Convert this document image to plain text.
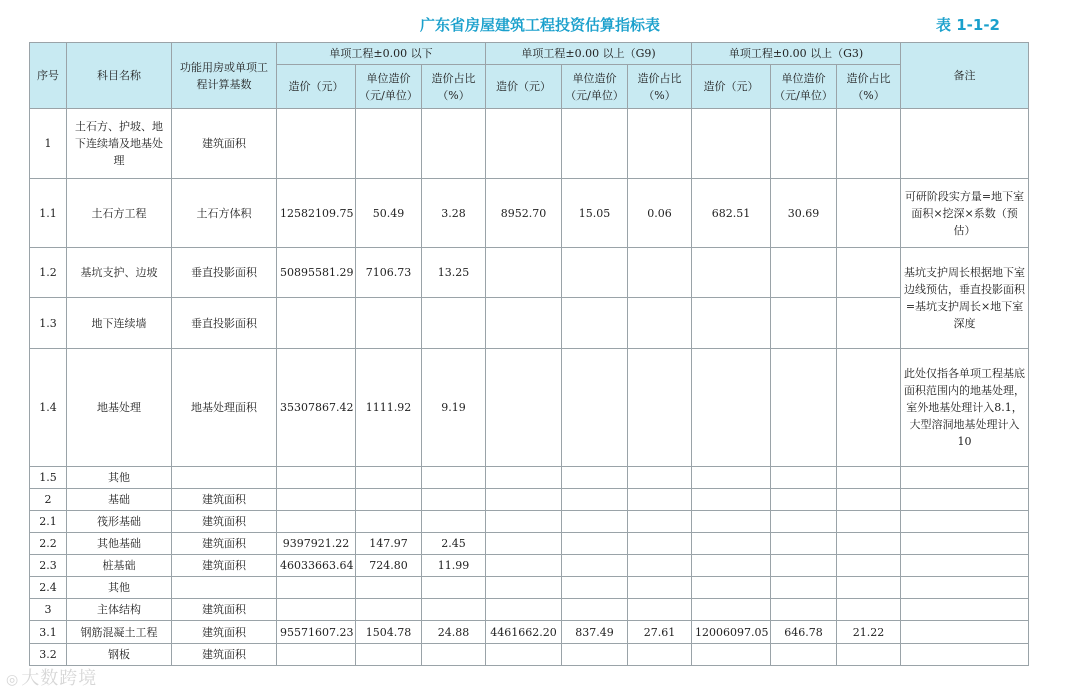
广东省房屋建筑工程投资估算指标表	表 1-1-2
序号	科目名称	功能用房或单项工程计算基数	单项工程±0.00 以下			单项工程±0.00 以上（G9)			单项工程±0.00 以上（G3)			备注
			造价（元）	单位造价（元/单位）	造价占比（%）	造价（元）	单位造价（元/单位）	造价占比（%）	造价（元）	单位造价（元/单位）	造价占比（%）	
1	土石方、护坡、地下连续墙及地基处理	建筑面积										
1.1	土石方工程	土石方体积	12582109.75	50.49	3.28	8952.70	15.05	0.06	682.51	30.69		可研阶段实方量=地下室面积×挖深×系数（预估）
1.2	基坑支护、边坡	垂直投影面积	50895581.29	7106.73	13.25							基坑支护周长根据地下室边线预估，垂直投影面积=基坑支护周长×地下室深度
1.3	地下连续墙	垂直投影面积										
1.4	地基处理	地基处理面积	35307867.42	1111.92	9.19							此处仅指各单项工程基底面积范围内的地基处理，室外地基处理计入8.1，大型溶洞地基处理计入10
1.5	其他											
2	基础	建筑面积										
2.1	筏形基础	建筑面积										
2.2	其他基础	建筑面积	9397921.22	147.97	2.45							
2.3	桩基础	建筑面积	46033663.64	724.80	11.99							
2.4	其他											
3	主体结构	建筑面积										
3.1	钢筋混凝土工程	建筑面积	95571607.23	1504.78	24.88	4461662.20	837.49	27.61	12006097.05	646.78	21.22	
3.2	钢板	建筑面积										
◎ 大数跨境
